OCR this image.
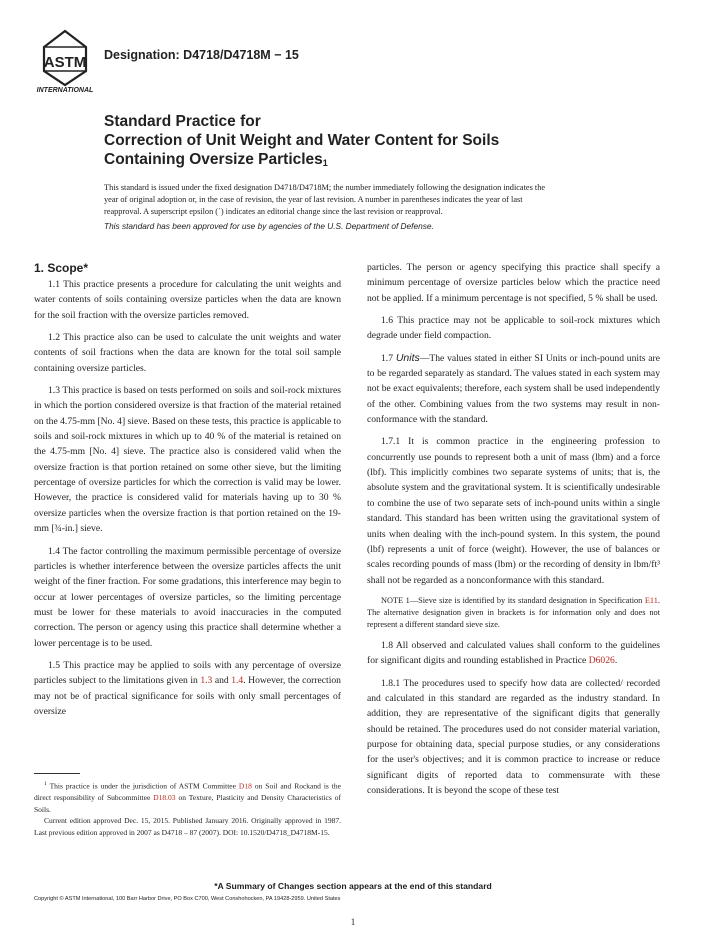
ASTM
INTERNATIONAL
Designation: D4718/D4718M − 15
Standard Practice for
Correction of Unit Weight and Water Content for Soils
Containing Oversize Particles$^1$
This standard is issued under the fixed designation D4718/D4718M; the number immediately following the designation indicates the year of original adoption or, in the case of revision, the year of last revision. A number in parentheses indicates the year of last reapproval. A superscript epsilon (´) indicates an editorial change since the last revision or reapproval.
This standard has been approved for use by agencies of the U.S. Department of Defense.
1. Scope*

1.1 This practice presents a procedure for calculating the unit weights and water contents of soils containing oversize particles when the data are known for the soil fraction with the oversize particles removed.

1.2 This practice also can be used to calculate the unit weights and water contents of soil fractions when the data are known for the total soil sample containing oversize particles.

1.3 This practice is based on tests performed on soils and soil-rock mixtures in which the portion considered oversize is that fraction of the material retained on the 4.75-mm [No. 4] sieve. Based on these tests, this practice is applicable to soils and soil-rock mixtures in which up to 40 % of the material is retained on the 4.75-mm [No. 4] sieve. The practice also is considered valid when the oversize fraction is that portion retained on some other sieve, but the limiting percentage of oversize particles for which the correction is valid may be lower. However, the practice is considered valid for materials having up to 30 % oversize particles when the oversize fraction is that portion retained on the 19-mm [¾-in.] sieve.

1.4 The factor controlling the maximum permissible percentage of oversize particles is whether interference between the oversize particles affects the unit weight of the finer fraction. For some gradations, this interference may begin to occur at lower percentages of oversize particles, so the limiting percentage must be lower for these materials to avoid inaccuracies in the computed correction. The person or agency using this practice shall determine whether a lower percentage is to be used.

1.5 This practice may be applied to soils with any percentage of oversize particles subject to the limitations given in 1.3 and 1.4. However, the correction may not be of practical significance for soils with only small percentages of oversize

particles. The person or agency specifying this practice shall specify a minimum percentage of oversize particles below which the practice need not be applied. If a minimum percentage is not specified, 5 % shall be used.

1.6 This practice may not be applicable to soil-rock mixtures which degrade under field compaction.

1.7 Units—The values stated in either SI Units or inch-pound units are to be regarded separately as standard. The values stated in each system may not be exact equivalents; therefore, each system shall be used independently of the other. Combining values from the two systems may result in non-conformance with the standard.

1.7.1 It is common practice in the engineering profession to concurrently use pounds to represent both a unit of mass (lbm) and a force (lbf). This implicitly combines two separate systems of units; that is, the absolute system and the gravitational system. It is scientifically undesirable to combine the use of two separate sets of inch-pound units within a single standard. This standard has been written using the gravitational system of units when dealing with the inch-pound system. In this system, the pound (lbf) represents a unit of force (weight). However, the use of balances or scales recording pounds of mass (lbm) or the recording of density in lbm/ft³ shall not be regarded as a nonconformance with this standard.

NOTE 1—Sieve size is identified by its standard designation in Specification E11. The alternative designation given in brackets is for information only and does not represent a different standard sieve size.

1.8 All observed and calculated values shall conform to the guidelines for significant digits and rounding established in Practice D6026.

1.8.1 The procedures used to specify how data are collected/ recorded and calculated in this standard are regarded as the industry standard. In addition, they are representative of the significant digits that generally should be retained. The procedures used do not consider material variation, purpose for obtaining data, special purpose studies, or any considerations for the user's objectives; and it is common practice to increase or reduce significant digits of reported data to commensurate with these considerations. It is beyond the scope of these test

$^1$ This practice is under the jurisdiction of ASTM Committee D18 on Soil and Rockand is the direct responsibility of Subcommittee D18.03 on Texture, Plasticity and Density Characteristics of Soils.

Current edition approved Dec. 15, 2015. Published January 2016. Originally approved in 1987. Last previous edition approved in 2007 as D4718 – 87 (2007). DOI: 10.1520/D4718_D4718M-15.

*A Summary of Changes section appears at the end of this standard
Copyright © ASTM International, 100 Barr Harbor Drive, PO Box C700, West Conshohocken, PA 19428-2959. United States
1
